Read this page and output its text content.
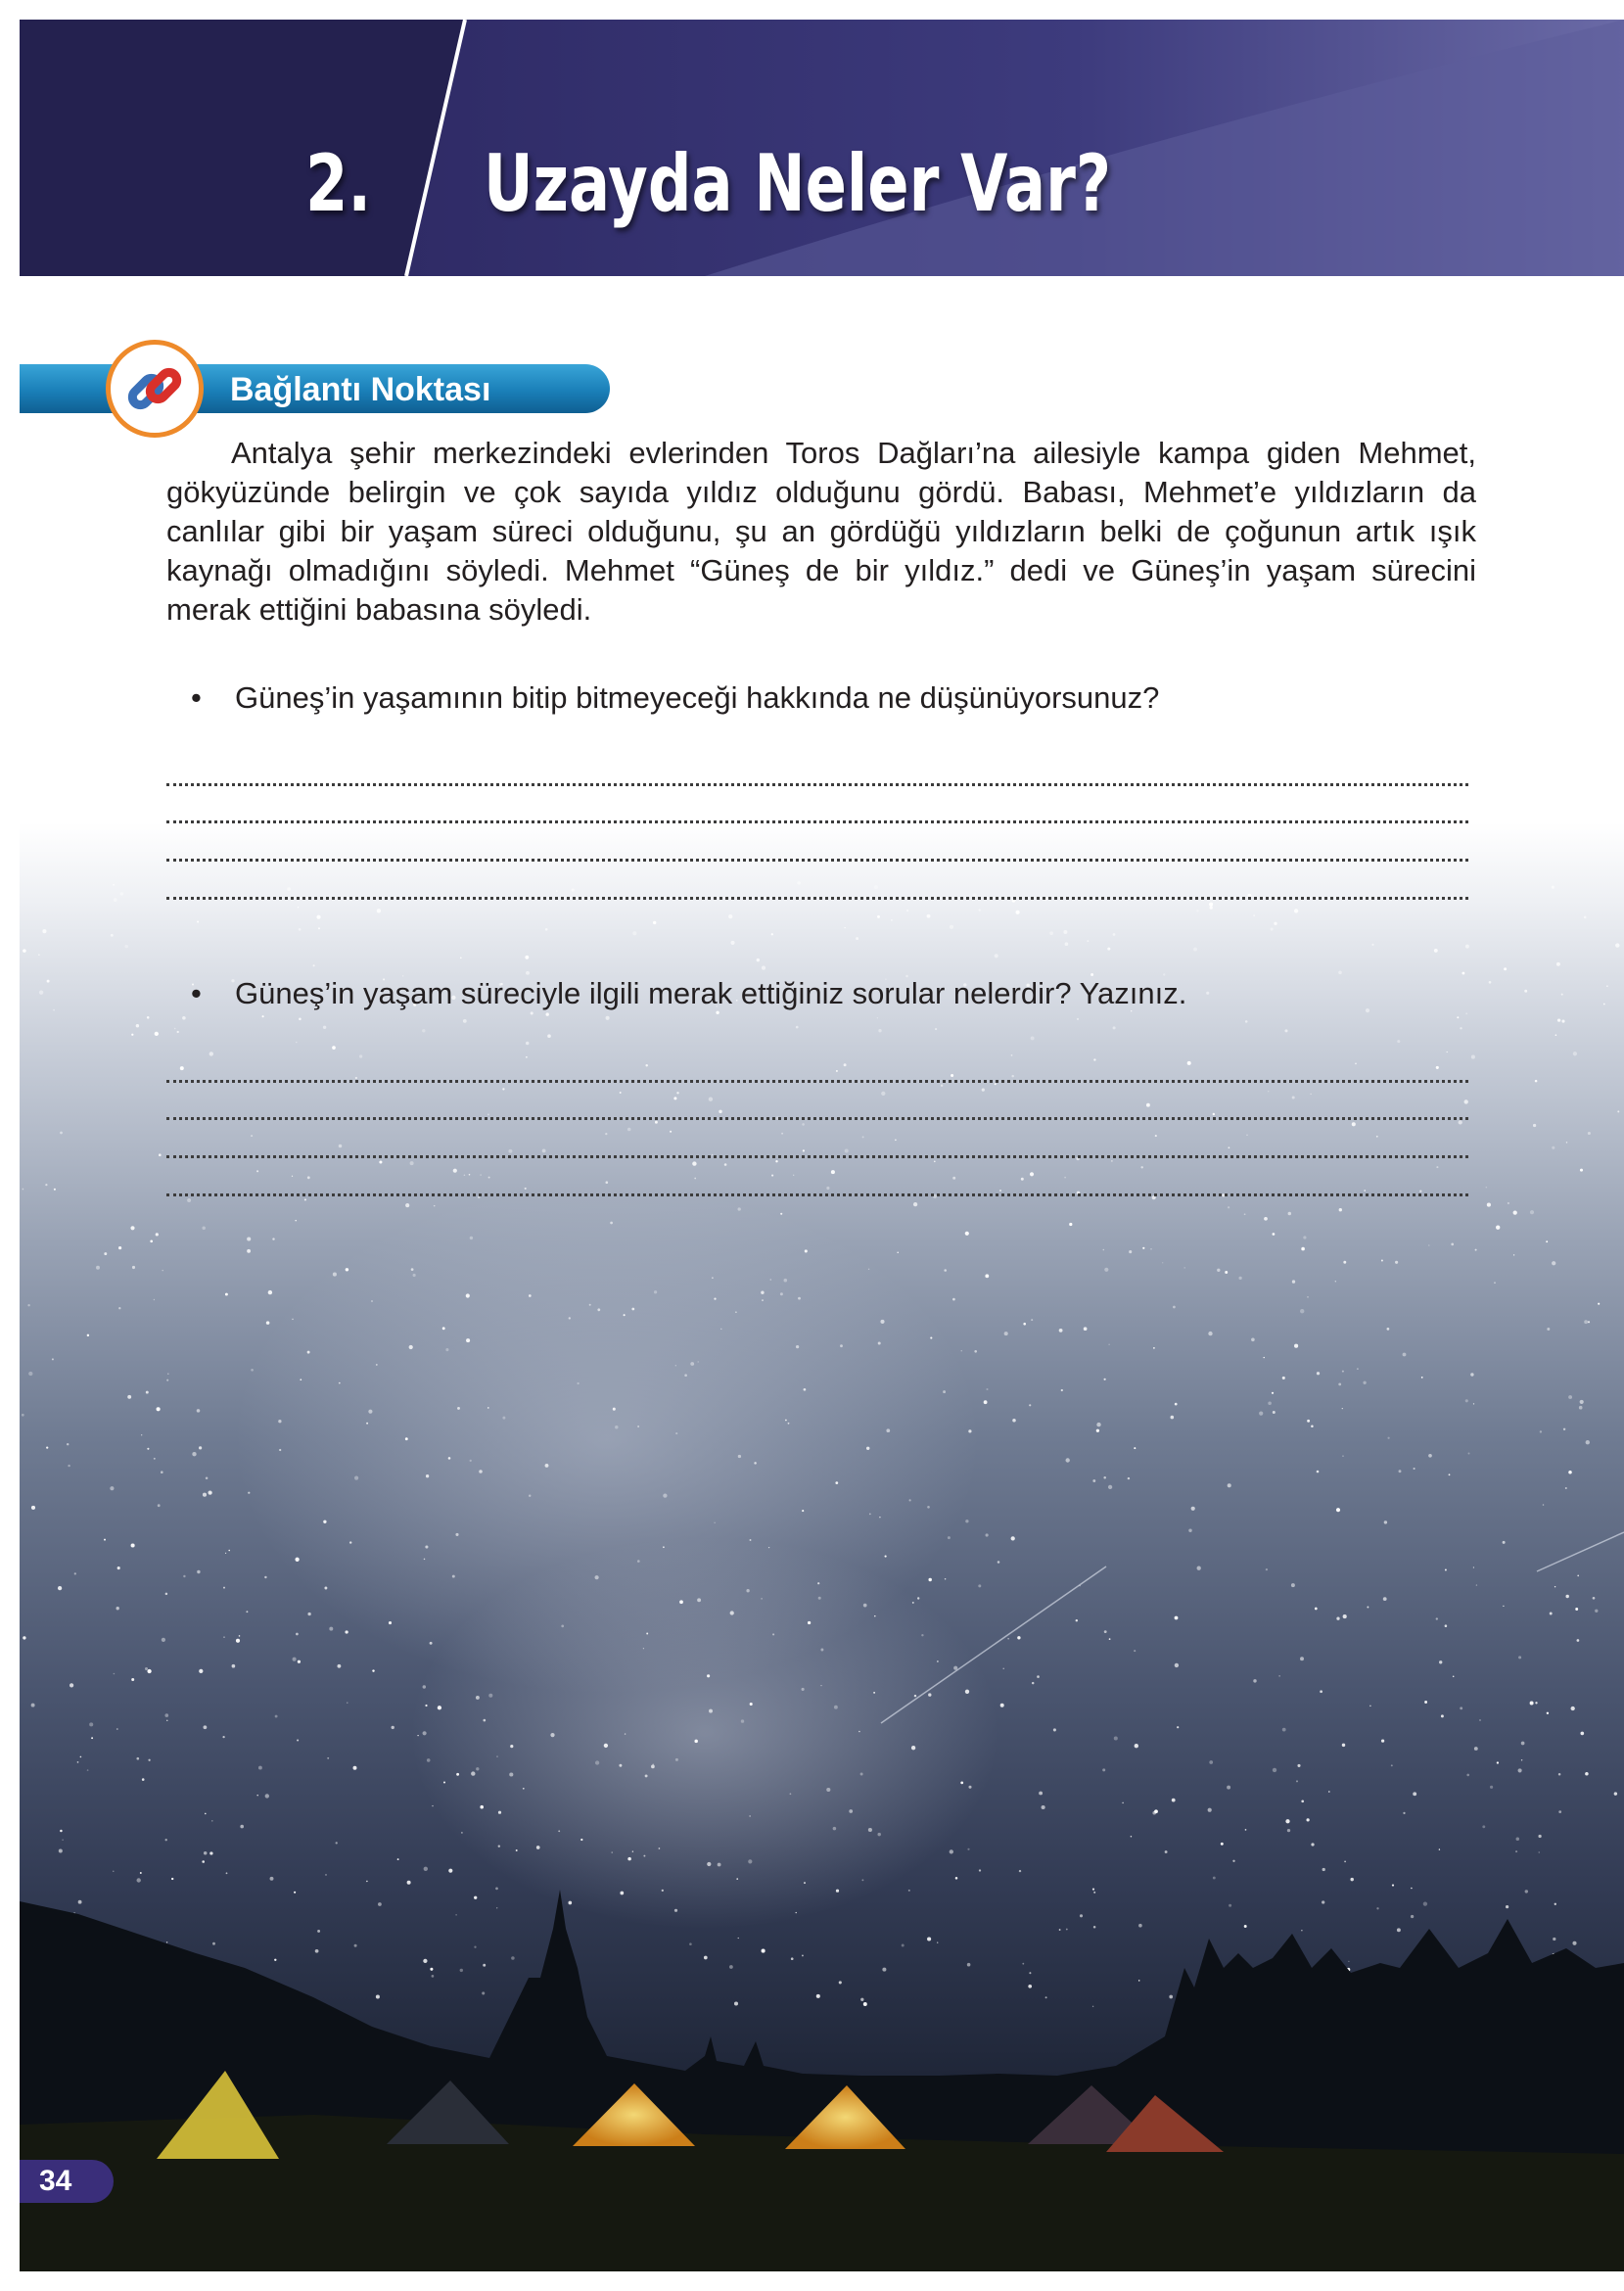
2. Uzayda Neler Var?
Bağlantı Noktası

Antalya şehir merkezindeki evlerinden Toros Dağları’na ailesiyle kampa giden Mehmet, gökyüzünde belirgin ve çok sayıda yıldız olduğunu gördü. Babası, Mehmet’e yıldızların da canlılar gibi bir yaşam süreci olduğunu, şu an gördüğü yıldızların belki de çoğunun artık ışık kaynağı olmadığını söyledi. Mehmet “Güneş de bir yıldız.” dedi ve Güneş’in yaşam sürecini merak ettiğini babasına söyledi.

• Güneş’in yaşamının bitip bitmeyeceği hakkında ne düşünüyorsunuz?
• Güneş’in yaşam süreciyle ilgili merak ettiğiniz sorular nelerdir? Yazınız.
34
